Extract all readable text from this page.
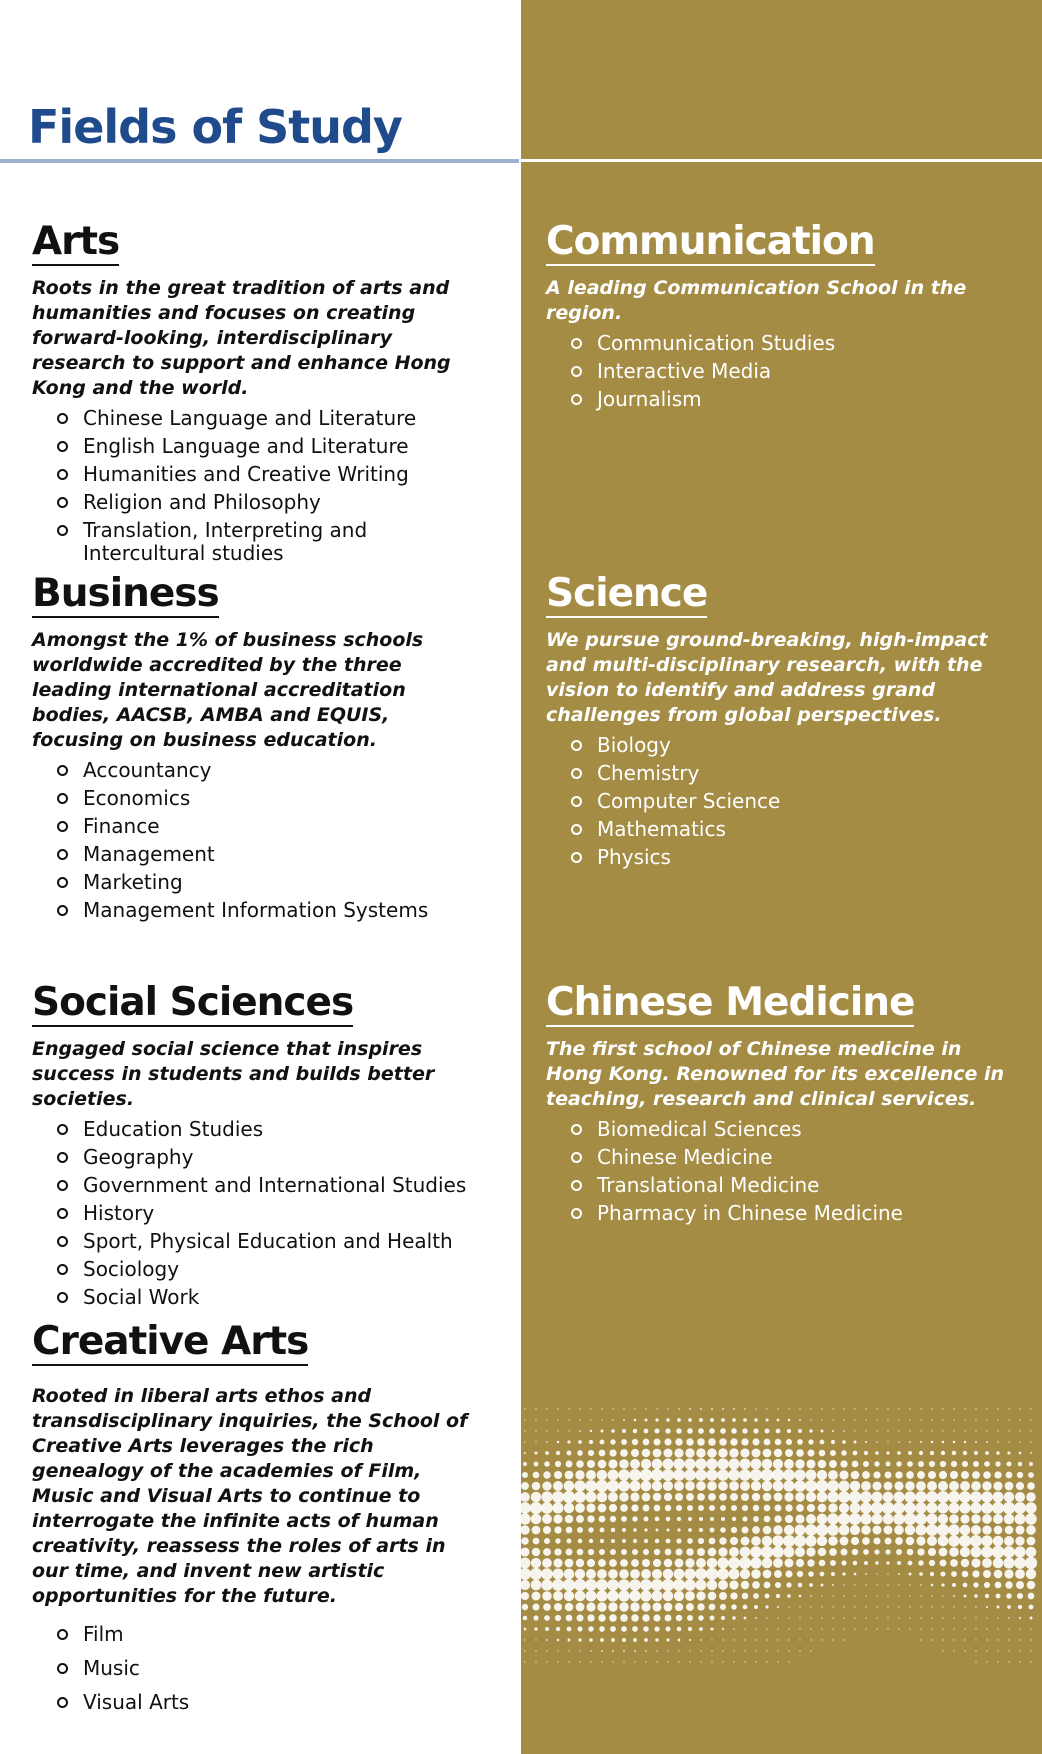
Fields of Study
Arts

Roots in the great tradition of arts and humanities and focuses on creating forward-looking, interdisciplinary research to support and enhance Hong Kong and the world.

Chinese Language and Literature
English Language and Literature
Humanities and Creative Writing
Religion and Philosophy
Translation, Interpreting and Intercultural studies
Communication

A leading Communication School in the region.

Communication Studies
Interactive Media
Journalism
Business

Amongst the 1% of business schools worldwide accredited by the three leading international accreditation bodies, AACSB, AMBA and EQUIS, focusing on business education.

Accountancy
Economics
Finance
Management
Marketing
Management Information Systems
Science

We pursue ground-breaking, high-impact and multi-disciplinary research, with the vision to identify and address grand challenges from global perspectives.

Biology
Chemistry
Computer Science
Mathematics
Physics
Social Sciences

Engaged social science that inspires success in students and builds better societies.

Education Studies
Geography
Government and International Studies
History
Sport, Physical Education and Health
Sociology
Social Work
Chinese Medicine

The first school of Chinese medicine in Hong Kong. Renowned for its excellence in teaching, research and clinical services.

Biomedical Sciences
Chinese Medicine
Translational Medicine
Pharmacy in Chinese Medicine
Creative Arts

Rooted in liberal arts ethos and transdisciplinary inquiries, the School of Creative Arts leverages the rich genealogy of the academies of Film, Music and Visual Arts to continue to interrogate the infinite acts of human creativity, reassess the roles of arts in our time, and invent new artistic opportunities for the future.

Film
Music
Visual Arts
